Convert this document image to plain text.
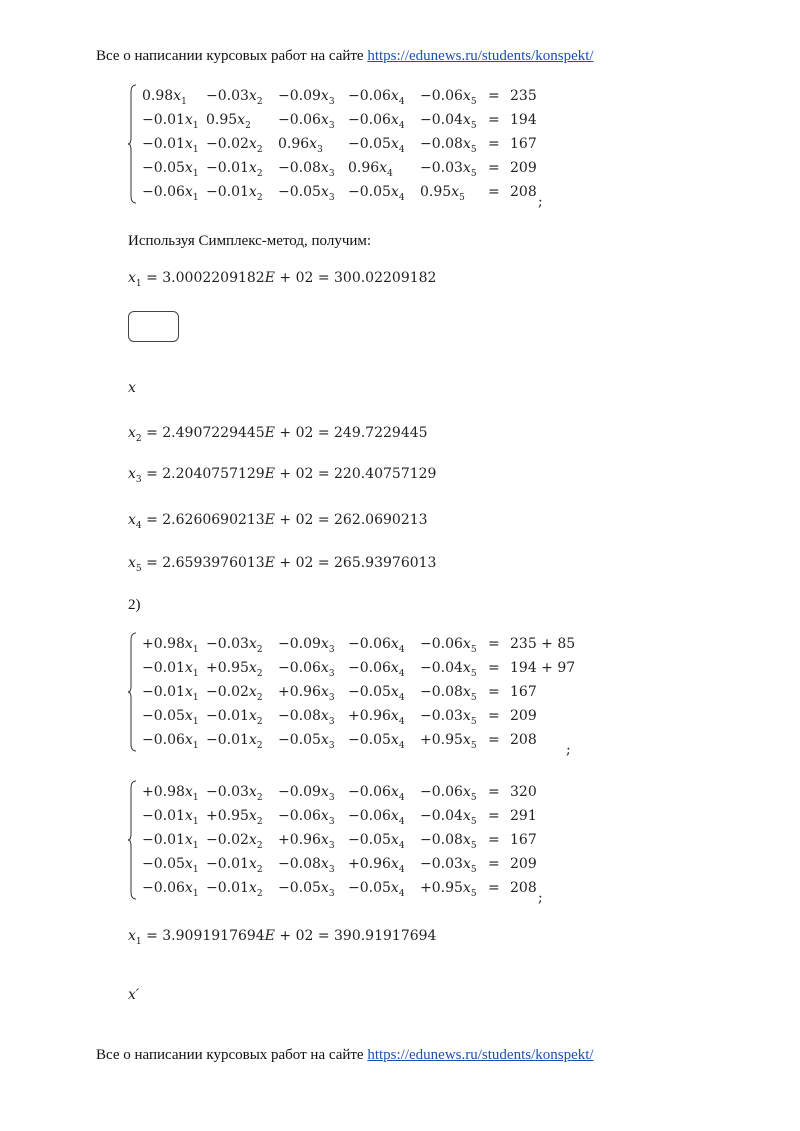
Все о написании курсовых работ на сайте https://edunews.ru/students/konspekt/
$0.98x_1 -0.03x_2 -0.09x_3 -0.06x_4 -0.06x_5 = 235$
$-0.01x_1$ $0.95x_2 -0.06x_3 -0.06x_4 -0.04x_5 = 194$
$-0.01x_1 -0.02x_2$ $0.96x_3 -0.05x_4 -0.08x_5 = 167$
$-0.05x_1 -0.01x_2 -0.08x_3$ $0.96x_4 -0.03x_5 = 209$
$-0.06x_1 -0.01x_2 -0.05x_3 -0.05x_4$ $0.95x_5 = 208$
;
Используя Симплекс-метод, получим:
$x_1 = 3.0002209182E + 02 = 300.02209182$
x
$x_2 = 2.4907229445E + 02 = 249.7229445$
$x_3 = 2.2040757129E + 02 = 220.40757129$
$x_4 = 2.6260690213E + 02 = 262.0690213$
$x_5 = 2.6593976013E + 02 = 265.93976013$
2)
$+0.98x_1 -0.03x_2 -0.09x_3 -0.06x_4 -0.06x_5 = 235 + 85$
$-0.01x_1 +0.95x_2 -0.06x_3 -0.06x_4 -0.04x_5 = 194 + 97$
$-0.01x_1 -0.02x_2 +0.96x_3 -0.05x_4 -0.08x_5 = 167$
$-0.05x_1 -0.01x_2 -0.08x_3 +0.96x_4 -0.03x_5 = 209$
$-0.06x_1 -0.01x_2 -0.05x_3 -0.05x_4 +0.95x_5 = 208$
;
$+0.98x_1 -0.03x_2 -0.09x_3 -0.06x_4 -0.06x_5 = 320$
$-0.01x_1 +0.95x_2 -0.06x_3 -0.06x_4 -0.04x_5 = 291$
$-0.01x_1 -0.02x_2 +0.96x_3 -0.05x_4 -0.08x_5 = 167$
$-0.05x_1 -0.01x_2 -0.08x_3 +0.96x_4 -0.03x_5 = 209$
$-0.06x_1 -0.01x_2 -0.05x_3 -0.05x_4 +0.95x_5 = 208$
;
$x_1 = 3.9091917694E + 02 = 390.91917694$
x′
Все о написании курсовых работ на сайте https://edunews.ru/students/konspekt/
